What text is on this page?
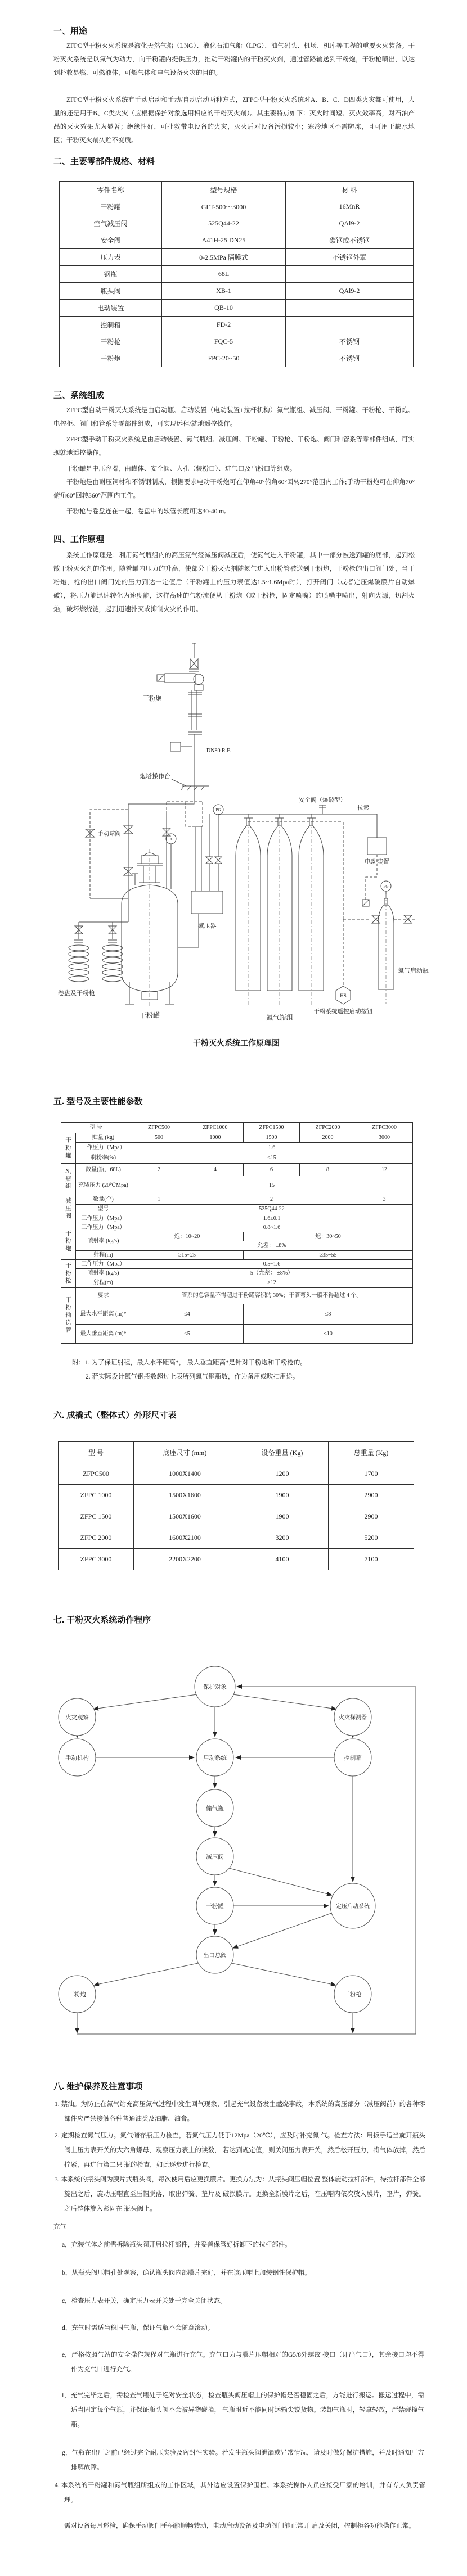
一、用途
ZFPC型干粉灭火系统是液化天然气船（LNG）、液化石油气船（LPG）、油气码头、机场、机库等工程的重要灭火装备。干粉灭火系统是以氮气为动力，向干粉罐内提供压力，推动干粉罐内的干粉灭火剂，通过管路输送到干粉炮，干粉枪喷出，以达到扑救易燃、可燃液体，可燃气体和电气设备火灾的目的。
ZFPC型干粉灭火系统有手动启动和手动/自动启动两种方式，ZFPC型干粉灭火系统对A、B、C、D四类火灾都可使用，大量的还是用于B、C类火灾（应根据保护对象选用相应的干粉灭火剂）。其主要特点如下：灭火时间短、灭火效率高，对石油产品的灭火效果尤为显著；绝缘性好，可扑救带电设备的火灾，灭火后对设备污损较小；寒冷地区不需防冻，且可用于缺水地区；干粉灭火剂久贮不变质。
二、主要零部件规格、材料
零件名称	型号规格	材 料
干粉罐	GFT-500～3000	16MnR
空气减压阀	525Q44-22	QAl9-2
安全阀	A41H-25 DN25	碳钢或不锈钢
压力表	0-2.5MPa 隔膜式	不锈钢外罩
钢瓶	68L	
瓶头阀	XB-1	QAl9-2
电动装置	QB-10	
控制箱	FD-2	
干粉枪	FQC-5	不锈钢
干粉炮	FPC-20~50	不锈钢
三、系统组成
ZFPC型自动干粉灭火系统是由启动瓶、启动装置（电动装置+拉杆机构）氮气瓶组、减压阀、干粉罐、干粉枪、干粉炮、电控柜、阀门和管系等零部件组成，可实现远程/就地遥控操作。
ZFPC型手动干粉灭火系统是由启动装置、氮气瓶组、减压阀、干粉罐、干粉枪、干粉炮、阀门和管系等零部件组成，可实现就地遥控操作。
干粉罐是中压容器，由罐体、安全阀、人孔（装粉口）、进气口及出粉口等组成。
干粉炮是由耐压铜材和不锈钢制成，根据要求电动干粉炮可在仰角40°俯角60°回转270°范围内工作;手动干粉炮可在仰角70°俯角60°回转360°范围内工作。
干粉枪与卷盘连在一起，卷盘中的软管长度可达30-40 m。
四、工作原理
系统工作原理是：利用氮气瓶组内的高压氮气经减压阀减压后，使氮气进入干粉罐，其中一部分被送到罐的底部，起到松散干粉灭火剂的作用。随着罐内压力的升高，使部分干粉灭火剂随氮气进入出粉管被送到干粉炮，干粉枪的出口阀门处，当干粉炮，枪的出口阀门处的压力到达一定值后（干粉罐上的压力表值达1.5~1.6Mpa时），打开阀门（或者定压爆破膜片自动爆破），将压力能迅速转化为速度能，这样高速的气粉流便从干粉炮（或干粉枪，固定喷嘴）的喷嘴中喷出，射向火源，切割火焰，破坏燃烧链，起到迅速扑灭或抑制火灾的作用。
干粉炮
DN80 R.F.
炮塔操作台
手动球阀
卷盘及干粉枪
PG
干粉罐
减压器
PG
氮气瓶组
安全阀（爆破型）
拉索
电动装置
PG
氮气启动瓶
HS
干粉系统遥控启动按钮
干粉灭火系统工作原理图
五. 型号及主要性能参数
型 号		ZFPC500	ZFPC1000	ZFPC1500	ZFPC2000	ZFPC3000
干粉罐	贮量 (kg)	500	1000	1500	2000	3000
	工作压力（Mpa）	1.6				
	剩粉率(%)	≤15				
N₂瓶组	数量(瓶，68L)	2	4	6	8	12
	充装压力 (20℃Mpa)	15				
减压阀	数量(个)	1	2			3
	型号	525Q44-22				
	工作压力（Mpa）	1.6±0.1				
干粉炮	工作压力（Mpa）	0.8~1.6				
	喷射率 (kg/s)	炮：10~20		炮：30~50		
		允差： ±8%				
	射程(m)	≥15~25		≥35~55		
干粉枪	工作压力（Mpa）	0.5~1.6				
	喷射率 (kg/s)	5（允差： ±8%）				
	射程(m)	≥12				
干粉输送管	要求	管系的总容量不得超过干粉罐容积的 30%；干管弯头一般不得超过 4 个。				
	最大水平距离 (m)*	≤4		≤8		
	最大垂直距离 (m)*	≤5		≤10		
附：1. 为了保证射程，最大水平距离*， 最大垂直距离*是针对干粉炮和干粉枪的。
2. 若实际设计氮气钢瓶数超过上表所列氮气钢瓶数，作为备用或吹扫用途。
六. 成撬式（整体式）外形尺寸表
型 号	底座尺寸 (mm)	设备重量 (Kg)	总重量 (Kg)
ZFPC500	1000X1400	1200	1700
ZFPC 1000	1500X1600	1900	2900
ZFPC 1500	1500X1600	1900	2900
ZFPC 2000	1600X2100	3200	5200
ZFPC 3000	2200X2200	4100	7100
七. 干粉灭火系统动作程序
保护对象
火灾观察	火灾探测器
手动机构	启动系统	控制箱
储气瓶
减压阀
干粉罐	定压启动系统
出口总阀
干粉炮	干粉枪
八. 维护保养及注意事项
1. 禁油。为防止在氮气站充高压氮气过程中发生回气现象，引起充气设备发生燃烧事故，本系统的高压部分（减压阀前）的各种零部件应严禁接触各种普通油类及油脂、油膏。
2. 定期检查氮气压力。氮气储存瓶压力检查，若氮气压力低于12Mpa（20℃），应及时补充氮 气。检查方法：用扳手适当旋开瓶头阀上压力表开关的大六角螺母，观察压力表上的读数， 若达到规定值，则关闭压力表开关，然后松开压力，将气体放掉，然后拧紧，再进行第二只 瓶的检查，如此逐步进行检查。
3. 本系统的瓶头阀为膜片式瓶头阀，每次使用后应更换膜片。更换方法为：从瓶头阀压帽位置 整体旋动拉杆部件，待拉杆部件全部旋出之后，旋动压帽直至压帽脱落，取出弹簧、垫片及 破损膜片。更换全新膜片之后，在压帽内依次放入膜片，垫片，弹簧。之后整体旋入紧固在 瓶头阀上。
充气
a，充装气体之前需拆除瓶头阀开启拉杆部件，并妥善保管好拆卸下的拉杆部件。
b，从瓶头阀压帽孔处观察，确认瓶头阀内部膜片完好，并在该压帽上加装钢性保护帽。
c，检查压力表开关，确定压力表开关处于完全关闭状态。
d，充气时需适当稳固气瓶，保证气瓶不会随意滚动。
e，严格按照气站的安全操作规程对气瓶进行充气。充气口为与膜片压帽相对的G5/8外螺纹 接口（即出气口），其余接口均不得作为充气口进行充气。
f，充气完毕之后，需检查气瓶处于绝对安全状态，检查瓶头阀压帽上的保护帽是否稳固之后，方能进行搬运。搬运过程中，需适当固定每个气瓶，并保证瓶头阀不会被异物碰撞， 气瓶附近不能同时运输尖锐货物。装卸气瓶时，轻拿轻放，严禁碰撞气瓶。
g，气瓶在出厂之前已经过完全耐压实验及密封性实验。若发生瓶头阀泄漏或异常情况，请及时做好保护措施，并及时通知厂方排解故障。
4. 本系统的干粉罐和氮气瓶组所组成的工作区域，其外边应设置保护围栏。本系统操作人员应接受厂家的培训，并有专人负责管理。
需对设备每月巡检，确保手动阀门手柄能顺畅转动，电动启动设备及电动阀门能正常开 启及关闭，控制柜各功能操作正常。
